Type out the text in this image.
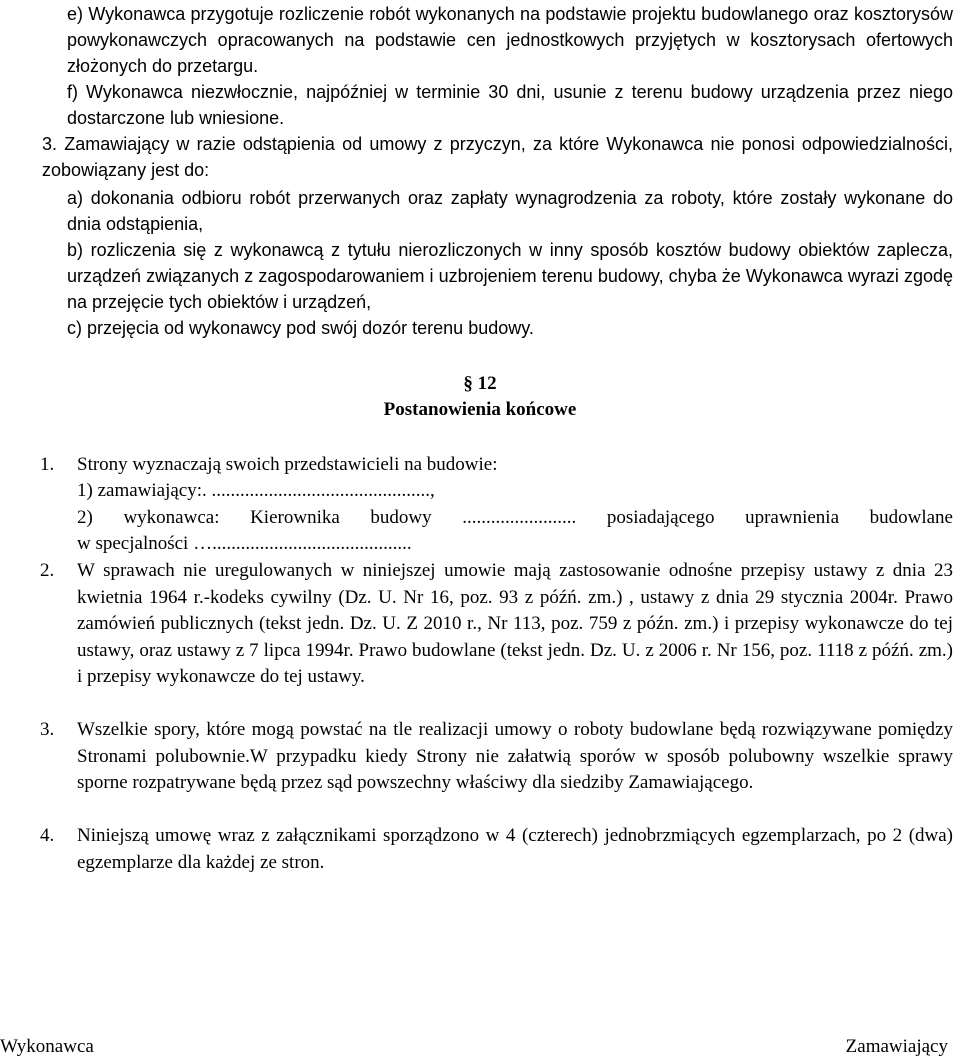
e) Wykonawca przygotuje rozliczenie robót wykonanych na podstawie projektu budowlanego oraz kosztorysów powykonawczych opracowanych na podstawie cen jednostkowych przyjętych w kosztorysach ofertowych złożonych do przetargu.
f) Wykonawca niezwłocznie, najpóźniej w terminie 30 dni, usunie z terenu budowy urządzenia przez niego dostarczone lub wniesione.
3. Zamawiający w razie odstąpienia od umowy z przyczyn, za które Wykonawca nie ponosi odpowiedzialności, zobowiązany jest do:
a) dokonania odbioru robót przerwanych oraz zapłaty wynagrodzenia za roboty, które zostały wykonane do dnia odstąpienia,
b) rozliczenia się z wykonawcą z tytułu nierozliczonych w inny sposób kosztów budowy obiektów zaplecza, urządzeń związanych z zagospodarowaniem i uzbrojeniem terenu budowy, chyba że Wykonawca wyrazi zgodę na przejęcie tych obiektów i urządzeń,
c) przejęcia od wykonawcy pod swój dozór terenu budowy.
§ 12
Postanowienia końcowe
1. Strony wyznaczają swoich przedstawicieli na budowie:
1) zamawiający:. ..............................................,
2) wykonawca: Kierownika budowy ........................ posiadającego uprawnienia budowlane
w specjalności …..........................................
2. W sprawach nie uregulowanych w niniejszej umowie mają zastosowanie odnośne przepisy ustawy z dnia 23 kwietnia 1964 r.-kodeks cywilny (Dz. U. Nr 16, poz. 93 z późń. zm.) , ustawy z dnia 29 stycznia 2004r. Prawo zamówień publicznych (tekst jedn. Dz. U. Z 2010 r., Nr 113, poz. 759 z późn. zm.) i przepisy wykonawcze do tej ustawy, oraz ustawy z 7 lipca 1994r. Prawo budowlane (tekst jedn. Dz. U. z 2006 r. Nr 156, poz. 1118 z późń. zm.) i przepisy wykonawcze do tej ustawy.
3. Wszelkie spory, które mogą powstać na tle realizacji umowy o roboty budowlane będą rozwiązywane pomiędzy Stronami polubownie.W przypadku kiedy Strony nie załatwią sporów w sposób polubowny wszelkie sprawy sporne rozpatrywane będą przez sąd powszechny właściwy dla siedziby Zamawiającego.
4. Niniejszą umowę wraz z załącznikami sporządzono w 4 (czterech) jednobrzmiących egzemplarzach, po 2 (dwa) egzemplarze dla każdej ze stron.
Wykonawca	Zamawiający
